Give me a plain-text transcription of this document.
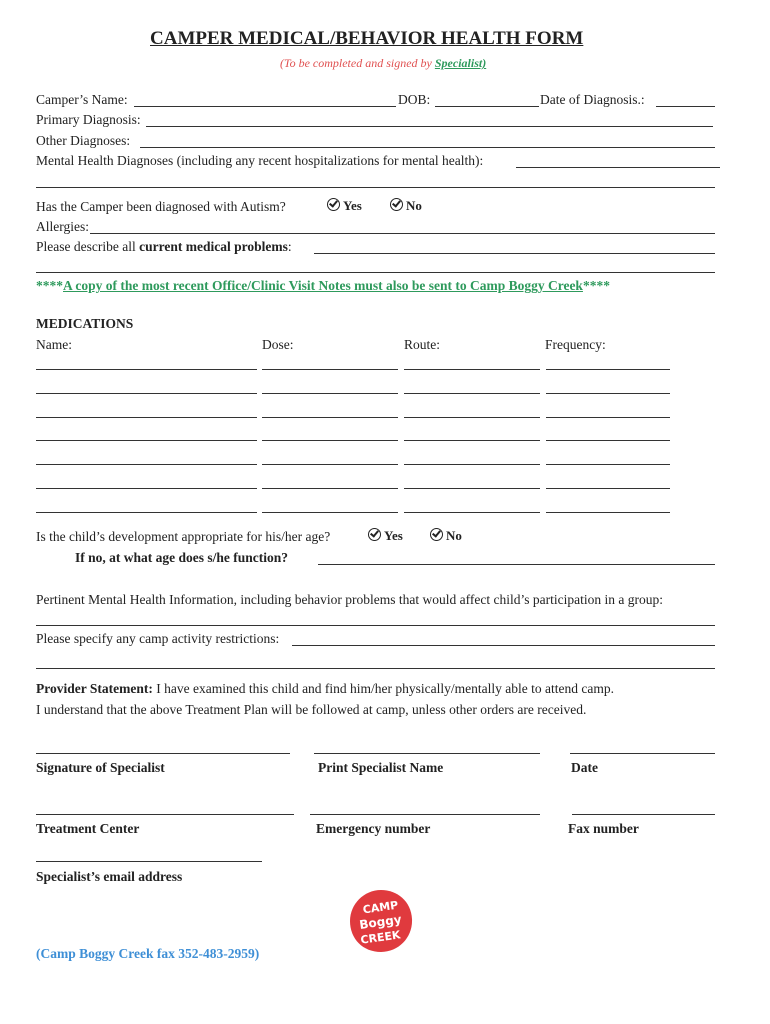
CAMPER MEDICAL/BEHAVIOR HEALTH FORM
(To be completed and signed by Specialist)
Camper’s Name:	DOB:	Date of Diagnosis.:
Primary Diagnosis:
Other Diagnoses:
Mental Health Diagnoses (including any recent hospitalizations for mental health):
Has the Camper been diagnosed with Autism?	Yes	No
Allergies:
Please describe all current medical problems:
****A copy of the most recent Office/Clinic Visit Notes must also be sent to Camp Boggy Creek****
MEDICATIONS
Name:	Dose:	Route:	Frequency:
Is the child’s development appropriate for his/her age?	Yes	No
If no, at what age does s/he function?
Pertinent Mental Health Information, including behavior problems that would affect child’s participation in a group:
Please specify any camp activity restrictions:
Provider Statement: I have examined this child and find him/her physically/mentally able to attend camp.
I understand that the above Treatment Plan will be followed at camp, unless other orders are received.
Signature of Specialist	Print Specialist Name	Date
Treatment Center	Emergency number	Fax number
Specialist’s email address
CAMP
Boggy
CREEK
(Camp Boggy Creek fax 352-483-2959)
